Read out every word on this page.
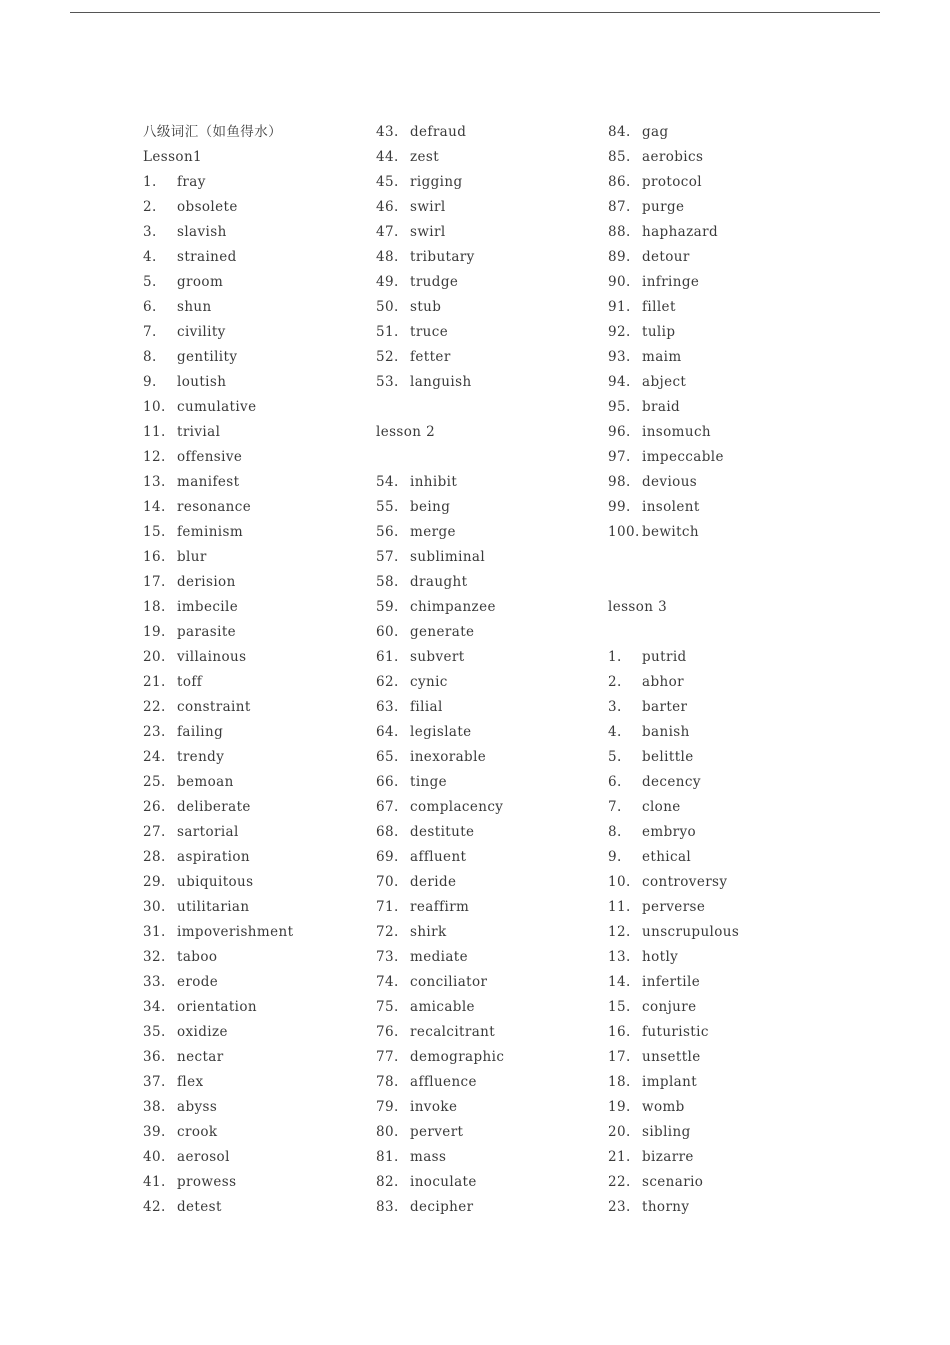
八级词汇（如鱼得水）
Lesson1
1. fray
2. obsolete
3. slavish
4. strained
5. groom
6. shun
7. civility
8. gentility
9. loutish
10. cumulative
11. trivial
12. offensive
13. manifest
14. resonance
15. feminism
16. blur
17. derision
18. imbecile
19. parasite
20. villainous
21. toff
22. constraint
23. failing
24. trendy
25. bemoan
26. deliberate
27. sartorial
28. aspiration
29. ubiquitous
30. utilitarian
31. impoverishment
32. taboo
33. erode
34. orientation
35. oxidize
36. nectar
37. flex
38. abyss
39. crook
40. aerosol
41. prowess
42. detest
43. defraud
44. zest
45. rigging
46. swirl
47. swirl
48. tributary
49. trudge
50. stub
51. truce
52. fetter
53. languish
lesson 2
54. inhibit
55. being
56. merge
57. subliminal
58. draught
59. chimpanzee
60. generate
61. subvert
62. cynic
63. filial
64. legislate
65. inexorable
66. tinge
67. complacency
68. destitute
69. affluent
70. deride
71. reaffirm
72. shirk
73. mediate
74. conciliator
75. amicable
76. recalcitrant
77. demographic
78. affluence
79. invoke
80. pervert
81. mass
82. inoculate
83. decipher
84. gag
85. aerobics
86. protocol
87. purge
88. haphazard
89. detour
90. infringe
91. fillet
92. tulip
93. maim
94. abject
95. braid
96. insomuch
97. impeccable
98. devious
99. insolent
100. bewitch
lesson 3
1. putrid
2. abhor
3. barter
4. banish
5. belittle
6. decency
7. clone
8. embryo
9. ethical
10. controversy
11. perverse
12. unscrupulous
13. hotly
14. infertile
15. conjure
16. futuristic
17. unsettle
18. implant
19. womb
20. sibling
21. bizarre
22. scenario
23. thorny
